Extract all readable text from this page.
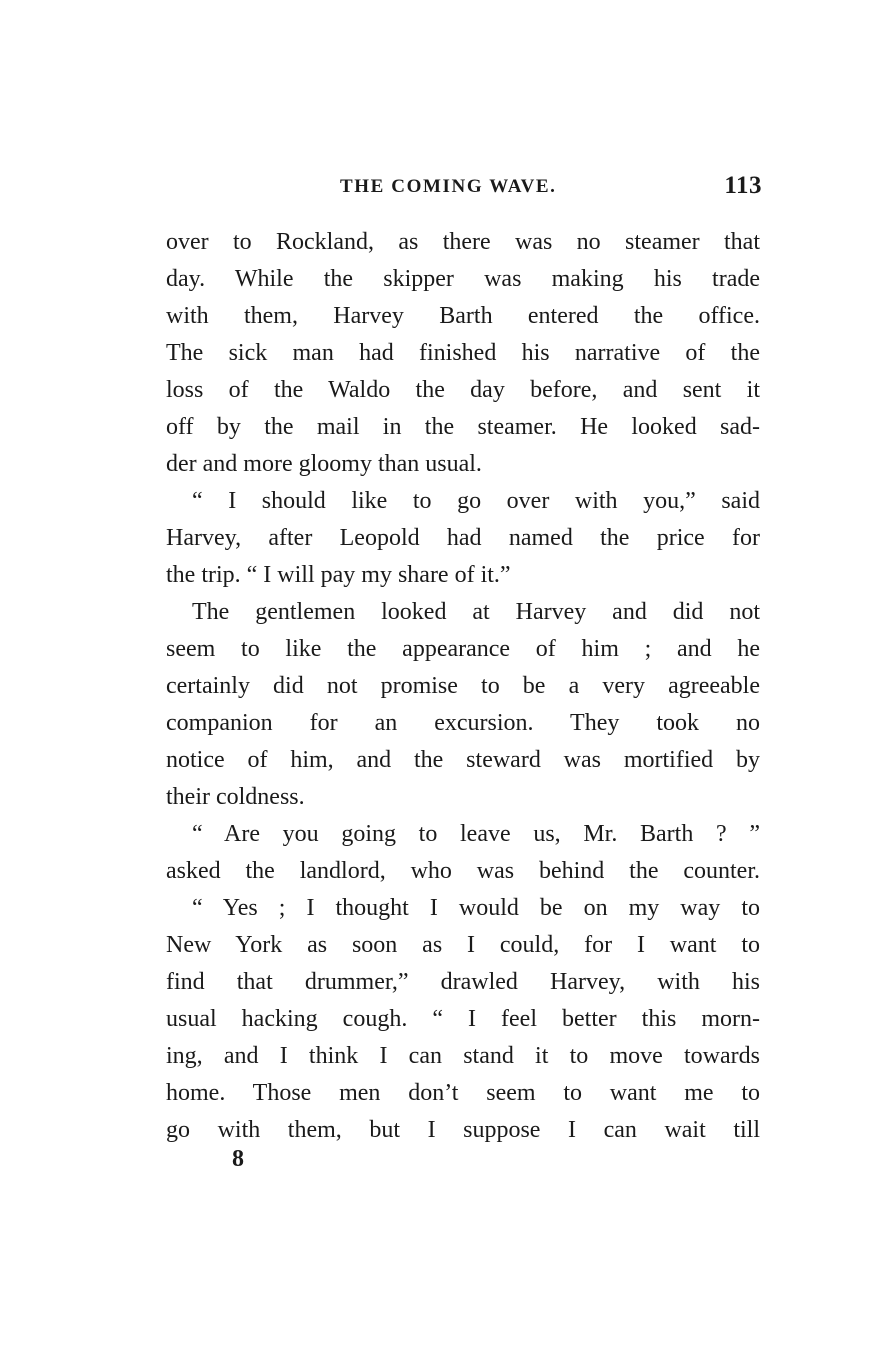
THE COMING WAVE.	113
over to Rockland, as there was no steamer that
day. While the skipper was making his trade
with them, Harvey Barth entered the office.
The sick man had finished his narrative of the
loss of the Waldo the day before, and sent it
off by the mail in the steamer. He looked sad-
der and more gloomy than usual.
“ I should like to go over with you,” said
Harvey, after Leopold had named the price for
the trip. “ I will pay my share of it.”
The gentlemen looked at Harvey and did not
seem to like the appearance of him ; and he
certainly did not promise to be a very agreeable
companion for an excursion. They took no
notice of him, and the steward was mortified by
their coldness.
“ Are you going to leave us, Mr. Barth ? ”
asked the landlord, who was behind the counter.
“ Yes ; I thought I would be on my way to
New York as soon as I could, for I want to
find that drummer,” drawled Harvey, with his
usual hacking cough. “ I feel better this morn-
ing, and I think I can stand it to move towards
home. Those men don’t seem to want me to
go with them, but I suppose I can wait till
8
